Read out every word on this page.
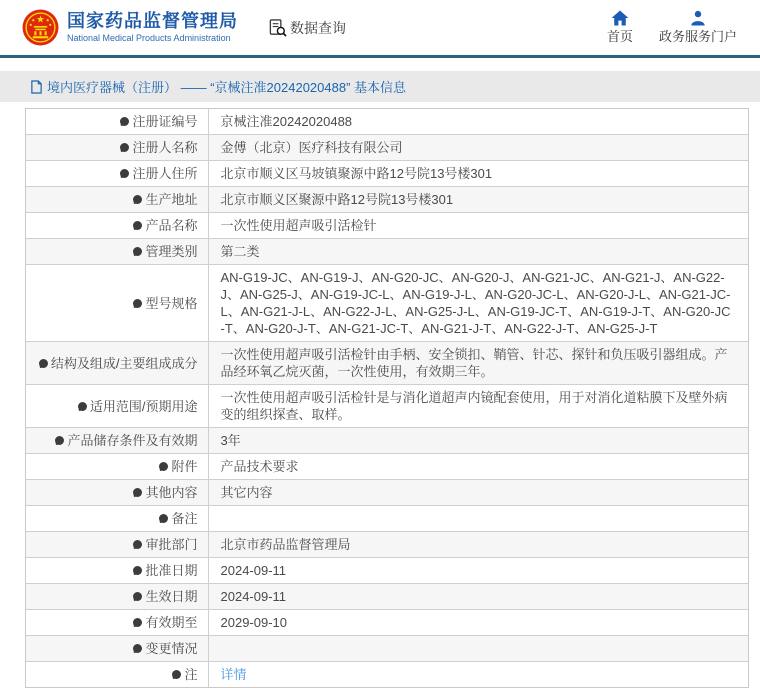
国家药品监督管理局
National Medical Products Administration
数据查询
首页 政务服务门户
境内医疗器械（注册） —— “京械注准20242020488” 基本信息
注册证编号	京械注准20242020488
注册人名称	金傅（北京）医疗科技有限公司
注册人住所	北京市顺义区马坡镇聚源中路12号院13号楼301
生产地址	北京市顺义区聚源中路12号院13号楼301
产品名称	一次性使用超声吸引活检针
管理类别	第二类
型号规格	AN-G19-JC、AN-G19-J、AN-G20-JC、AN-G20-J、AN-G21-JC、AN-G21-J、AN-G22-J、AN-G25-J、AN-G19-JC-L、AN-G19-J-L、AN-G20-JC-L、AN-G20-J-L、AN-G21-JC-L、AN-G21-J-L、AN-G22-J-L、AN-G25-J-L、AN-G19-JC-T、AN-G19-J-T、AN-G20-JC-T、AN-G20-J-T、AN-G21-JC-T、AN-G21-J-T、AN-G22-J-T、AN-G25-J-T
结构及组成/主要组成成分	一次性使用超声吸引活检针由手柄、安全锁扣、鞘管、针芯、探针和负压吸引器组成。产品经环氧乙烷灭菌，一次性使用，有效期三年。
适用范围/预期用途	一次性使用超声吸引活检针是与消化道超声内镜配套使用，用于对消化道粘膜下及壁外病变的组织探查、取样。
产品储存条件及有效期	3年
附件	产品技术要求
其他内容	其它内容
备注	
审批部门	北京市药品监督管理局
批准日期	2024-09-11
生效日期	2024-09-11
有效期至	2029-09-10
变更情况	
注	详情
